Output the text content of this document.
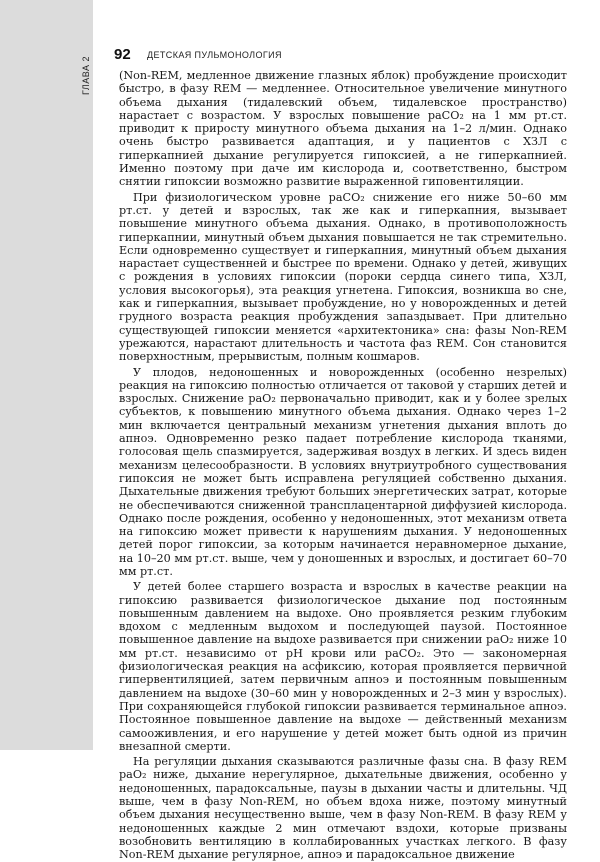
ГЛАВА 2
92 ДЕТСКАЯ ПУЛЬМОНОЛОГИЯ

(Non-REM, медленное движение глазных яблок) пробуждение происходит быстро, в фазу REM — медленнее. Относительное увеличение минутного объема дыхания (тидалевский объем, тидалевское пространство) нарастает с возрастом. У взрослых повышение рaCO₂ на 1 мм рт.ст. приводит к приросту минутного объема дыхания на 1–2 л/мин. Однако очень быстро развивается адаптация, и у пациентов с ХЗЛ с гиперкапнией дыхание регулируется гипоксией, а не гиперкапнией. Именно поэтому при даче им кислорода и, соответственно, быстром снятии гипоксии возможно развитие выраженной гиповентиляции.

При физиологическом уровне рaCO₂ снижение его ниже 50–60 мм рт.ст. у детей и взрослых, так же как и гиперкапния, вызывает повышение минутного объема дыхания. Однако, в противоположность гиперкапнии, минутный объем дыхания повышается не так стремительно. Если одновременно существует и гиперкапния, минутный объем дыхания нарастает существенней и быстрее по времени. Однако у детей, живущих с рождения в условиях гипоксии (пороки сердца синего типа, ХЗЛ, условия высокогорья), эта реакция угнетена. Гипоксия, возникша во сне, как и гиперкапния, вызывает пробуждение, но у новорожденных и детей грудного возраста реакция пробуждения запаздывает. При длительно существующей гипоксии меняется «архитектоника» сна: фазы Non-REM урежаются, нарастают длительность и частота фаз REM. Сон становится поверхностным, прерывистым, полным кошмаров.

У плодов, недоношенных и новорожденных (особенно незрелых) реакция на гипоксию полностью отличается от таковой у старших детей и взрослых. Снижение рaO₂ первоначально приводит, как и у более зрелых субъектов, к повышению минутного объема дыхания. Однако через 1–2 мин включается центральный механизм угнетения дыхания вплоть до апноэ. Одновременно резко падает потребление кислорода тканями, голосовая щель спазмируется, задерживая воздух в легких. И здесь виден механизм целесообразности. В условиях внутриутробного существования гипоксия не может быть исправлена регуляцией собственно дыхания. Дыхательные движения требуют больших энергетических затрат, которые не обеспечиваются сниженной трансплацентарной диффузией кислорода. Однако после рождения, особенно у недоношенных, этот механизм ответа на гипоксию может привести к нарушениям дыхания. У недоношенных детей порог гипоксии, за которым начинается неравномерное дыхание, на 10–20 мм рт.ст. выше, чем у доношенных и взрослых, и достигает 60–70 мм рт.ст.

У детей более старшего возраста и взрослых в качестве реакции на гипоксию развивается физиологическое дыхание под постоянным повышенным давлением на выдохе. Оно проявляется резким глубоким вдохом с медленным выдохом и последующей паузой. Постоянное повышенное давление на выдохе развивается при снижении рaO₂ ниже 10 мм рт.ст. независимо от рН крови или рaCO₂. Это — закономерная физиологическая реакция на асфиксию, которая проявляется первичной гипервентиляцией, затем первичным апноэ и постоянным повышенным давлением на выдохе (30–60 мин у новорожденных и 2–3 мин у взрослых). При сохраняющейся глубокой гипоксии развивается терминальное апноэ. Постоянное повышенное давление на выдохе — действенный механизм самооживления, и его нарушение у детей может быть одной из причин внезапной смерти.

На регуляции дыхания сказываются различные фазы сна. В фазу REM рaO₂ ниже, дыхание нерегулярное, дыхательные движения, особенно у недоношенных, парадоксальные, паузы в дыхании часты и длительны. ЧД выше, чем в фазу Non-REM, но объем вдоха ниже, поэтому минутный объем дыхания несущественно выше, чем в фазу Non-REM. В фазу REM у недоношенных каждые 2 мин отмечают вздохи, которые призваны возобновить вентиляцию в коллабированных участках легкого. В фазу Non-REM дыхание регулярное, апноэ и парадоксальное движение
